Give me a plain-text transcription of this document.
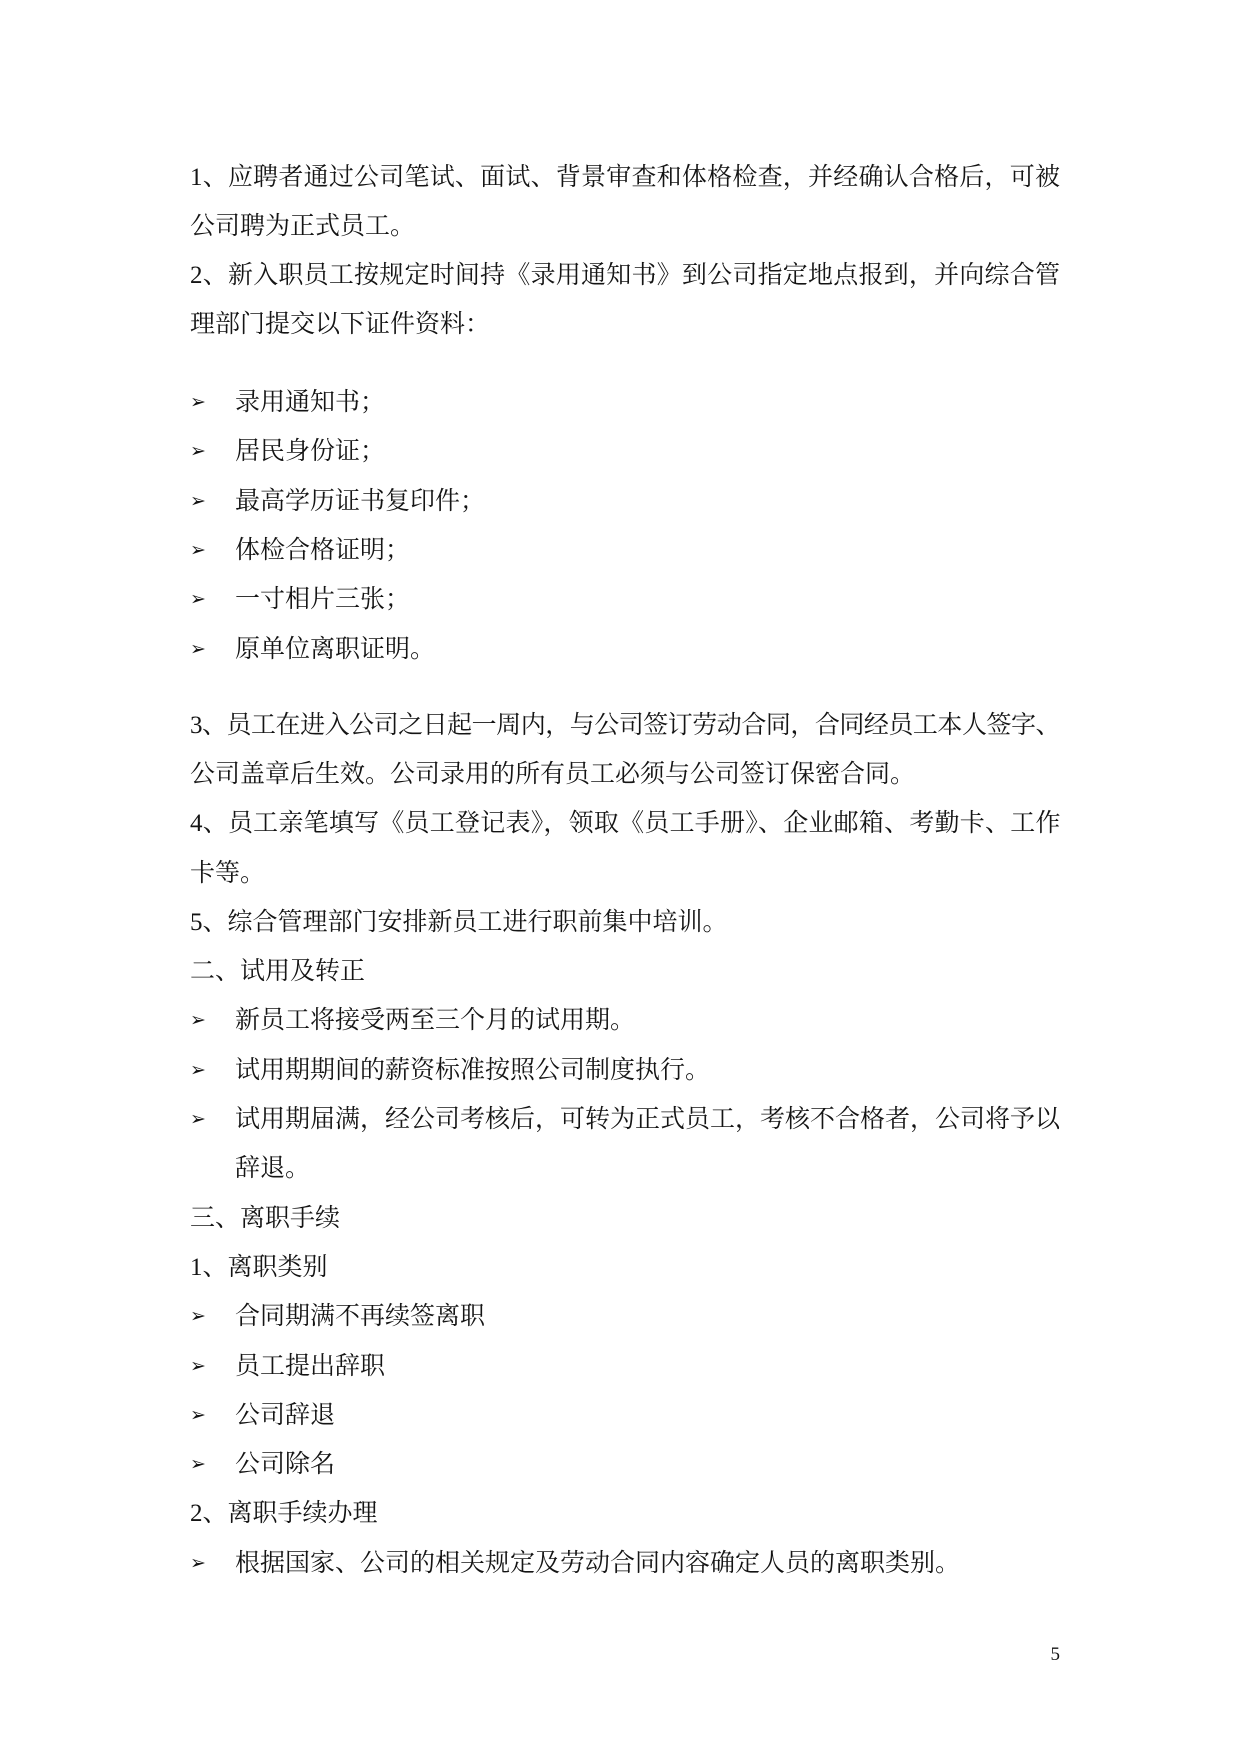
1、应聘者通过公司笔试、面试、背景审查和体格检查，并经确认合格后，可被
公司聘为正式员工。
2、新入职员工按规定时间持《录用通知书》到公司指定地点报到，并向综合管
理部门提交以下证件资料：
➢	录用通知书；
➢	居民身份证；
➢	最高学历证书复印件；
➢	体检合格证明；
➢	一寸相片三张；
➢	原单位离职证明。
3、员工在进入公司之日起一周内，与公司签订劳动合同，合同经员工本人签字、
公司盖章后生效。公司录用的所有员工必须与公司签订保密合同。
4、员工亲笔填写《员工登记表》，领取《员工手册》、企业邮箱、考勤卡、工作
卡等。
5、综合管理部门安排新员工进行职前集中培训。
二、试用及转正
➢	新员工将接受两至三个月的试用期。
➢	试用期期间的薪资标准按照公司制度执行。
➢	试用期届满，经公司考核后，可转为正式员工，考核不合格者，公司将予以
辞退。
三、离职手续
1、离职类别
➢	合同期满不再续签离职
➢	员工提出辞职
➢	公司辞退
➢	公司除名
2、离职手续办理
➢	根据国家、公司的相关规定及劳动合同内容确定人员的离职类别。
5
